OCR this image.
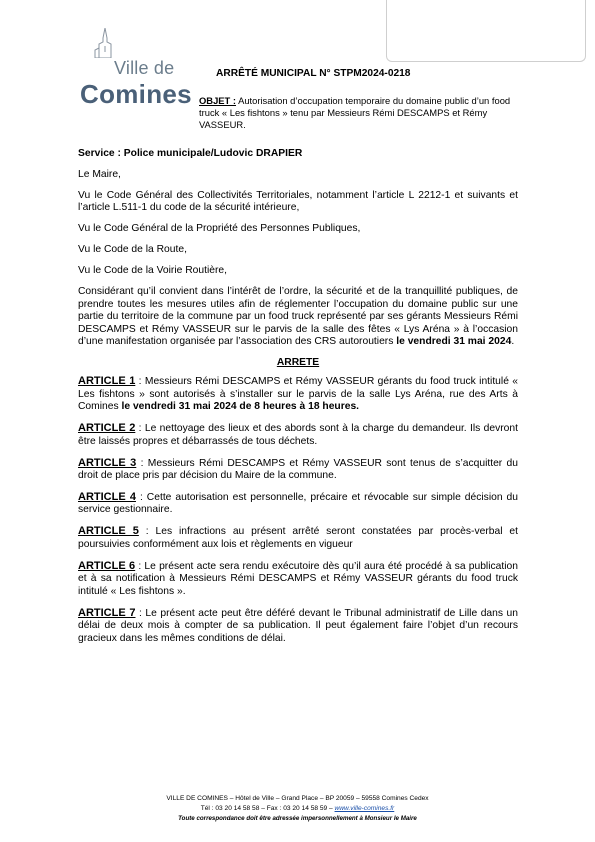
Ville de
Comines
ARRÊTÉ MUNICIPAL N° STPM2024-0218
OBJET : Autorisation d’occupation temporaire du domaine public d’un food truck « Les fishtons » tenu par Messieurs Rémi DESCAMPS et Rémy VASSEUR.

Service : Police municipale/Ludovic DRAPIER

Le Maire,

Vu le Code Général des Collectivités Territoriales, notamment l’article L 2212-1 et suivants et l’article L.511-1 du code de la sécurité intérieure,

Vu le Code Général de la Propriété des Personnes Publiques,

Vu le Code de la Route,

Vu le Code de la Voirie Routière,

Considérant qu’il convient dans l’intérêt de l’ordre, la sécurité et de la tranquillité publiques, de prendre toutes les mesures utiles afin de réglementer l’occupation du domaine public sur une partie du territoire de la commune par un food truck représenté par ses gérants Messieurs Rémi DESCAMPS et Rémy VASSEUR sur le parvis de la salle des fêtes « Lys Aréna » à l’occasion d’une manifestation organisée par l’association des CRS autoroutiers le vendredi 31 mai 2024.

ARRETE

ARTICLE 1 : Messieurs Rémi DESCAMPS et Rémy VASSEUR gérants du food truck intitulé « Les fishtons » sont autorisés à s’installer sur le parvis de la salle Lys Aréna, rue des Arts à Comines le vendredi 31 mai 2024 de 8 heures à 18 heures.

ARTICLE 2 : Le nettoyage des lieux et des abords sont à la charge du demandeur. Ils devront être laissés propres et débarrassés de tous déchets.

ARTICLE 3 : Messieurs Rémi DESCAMPS et Rémy VASSEUR sont tenus de s’acquitter du droit de place pris par décision du Maire de la commune.

ARTICLE 4 : Cette autorisation est personnelle, précaire et révocable sur simple décision du service gestionnaire.

ARTICLE 5 : Les infractions au présent arrêté seront constatées par procès-verbal et poursuivies conformément aux lois et règlements en vigueur

ARTICLE 6 : Le présent acte sera rendu exécutoire dès qu’il aura été procédé à sa publication et à sa notification à Messieurs Rémi DESCAMPS et Rémy VASSEUR gérants du food truck intitulé « Les fishtons ».

ARTICLE 7 : Le présent acte peut être déféré devant le Tribunal administratif de Lille dans un délai de deux mois à compter de sa publication. Il peut également faire l’objet d’un recours gracieux dans les mêmes conditions de délai.

VILLE DE COMINES – Hôtel de Ville – Grand Place – BP 20059 – 59558 Comines Cedex
Tél : 03 20 14 58 58 – Fax : 03 20 14 58 59 – www.ville-comines.fr
Toute correspondance doit être adressée impersonnellement à Monsieur le Maire
